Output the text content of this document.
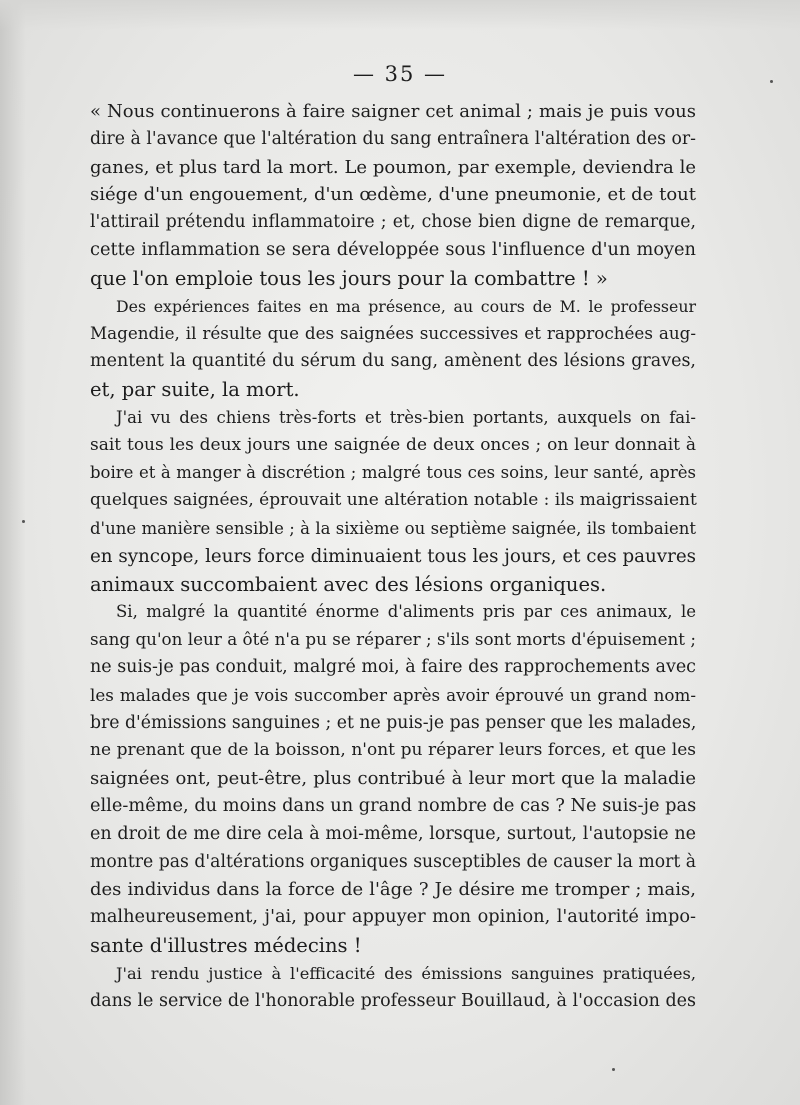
— 35 —
« Nous continuerons à faire saigner cet animal ; mais je puis vous
dire à l'avance que l'altération du sang entraînera l'altération des or-
ganes, et plus tard la mort. Le poumon, par exemple, deviendra le
siége d'un engouement, d'un œdème, d'une pneumonie, et de tout
l'attirail prétendu inflammatoire ; et, chose bien digne de remarque,
cette inflammation se sera développée sous l'influence d'un moyen
que l'on emploie tous les jours pour la combattre ! »
Des expériences faites en ma présence, au cours de M. le professeur
Magendie, il résulte que des saignées successives et rapprochées aug-
mentent la quantité du sérum du sang, amènent des lésions graves,
et, par suite, la mort.
J'ai vu des chiens très-forts et très-bien portants, auxquels on fai-
sait tous les deux jours une saignée de deux onces ; on leur donnait à
boire et à manger à discrétion ; malgré tous ces soins, leur santé, après
quelques saignées, éprouvait une altération notable : ils maigrissaient
d'une manière sensible ; à la sixième ou septième saignée, ils tombaient
en syncope, leurs force diminuaient tous les jours, et ces pauvres
animaux succombaient avec des lésions organiques.
Si, malgré la quantité énorme d'aliments pris par ces animaux, le
sang qu'on leur a ôté n'a pu se réparer ; s'ils sont morts d'épuisement ;
ne suis-je pas conduit, malgré moi, à faire des rapprochements avec
les malades que je vois succomber après avoir éprouvé un grand nom-
bre d'émissions sanguines ; et ne puis-je pas penser que les malades,
ne prenant que de la boisson, n'ont pu réparer leurs forces, et que les
saignées ont, peut-être, plus contribué à leur mort que la maladie
elle-même, du moins dans un grand nombre de cas ? Ne suis-je pas
en droit de me dire cela à moi-même, lorsque, surtout, l'autopsie ne
montre pas d'altérations organiques susceptibles de causer la mort à
des individus dans la force de l'âge ? Je désire me tromper ; mais,
malheureusement, j'ai, pour appuyer mon opinion, l'autorité impo-
sante d'illustres médecins !
J'ai rendu justice à l'efficacité des émissions sanguines pratiquées,
dans le service de l'honorable professeur Bouillaud, à l'occasion des
